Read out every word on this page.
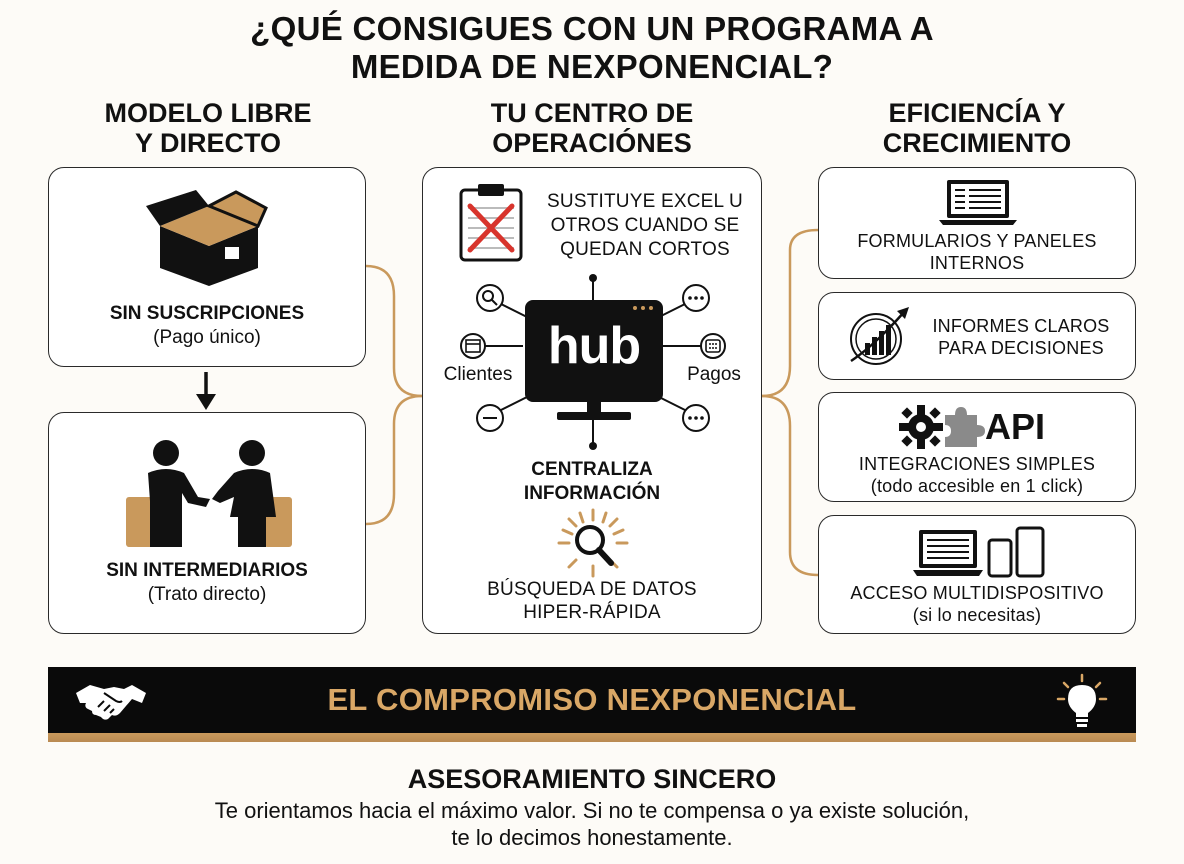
¿QUÉ CONSIGUES CON UN PROGRAMA A
MEDIDA DE NEXPONENCIAL?
MODELO LIBRE
Y DIRECTO
TU CENTRO DE
OPERACIÓNES
EFICIENCÍA Y
CRECIMIENTO
SIN SUSCRIPCIONES
(Pago único)
SIN INTERMEDIARIOS
(Trato directo)
SUSTITUYE EXCEL U
OTROS CUANDO SE
QUEDAN CORTOS
hub
Clientes	Pagos
CENTRALIZA
INFORMACIÓN
BÚSQUEDA DE DATOS
HIPER-RÁPIDA
FORMULARIOS Y PANELES
INTERNOS
INFORMES CLAROS
PARA DECISIONES
API
INTEGRACIONES SIMPLES
(todo accesible en 1 click)
ACCESO MULTIDISPOSITIVO
(si lo necesitas)
EL COMPROMISO NEXPONENCIAL
ASESORAMIENTO SINCERO
Te orientamos hacia el máximo valor. Si no te compensa o ya existe solución,
te lo decimos honestamente.
